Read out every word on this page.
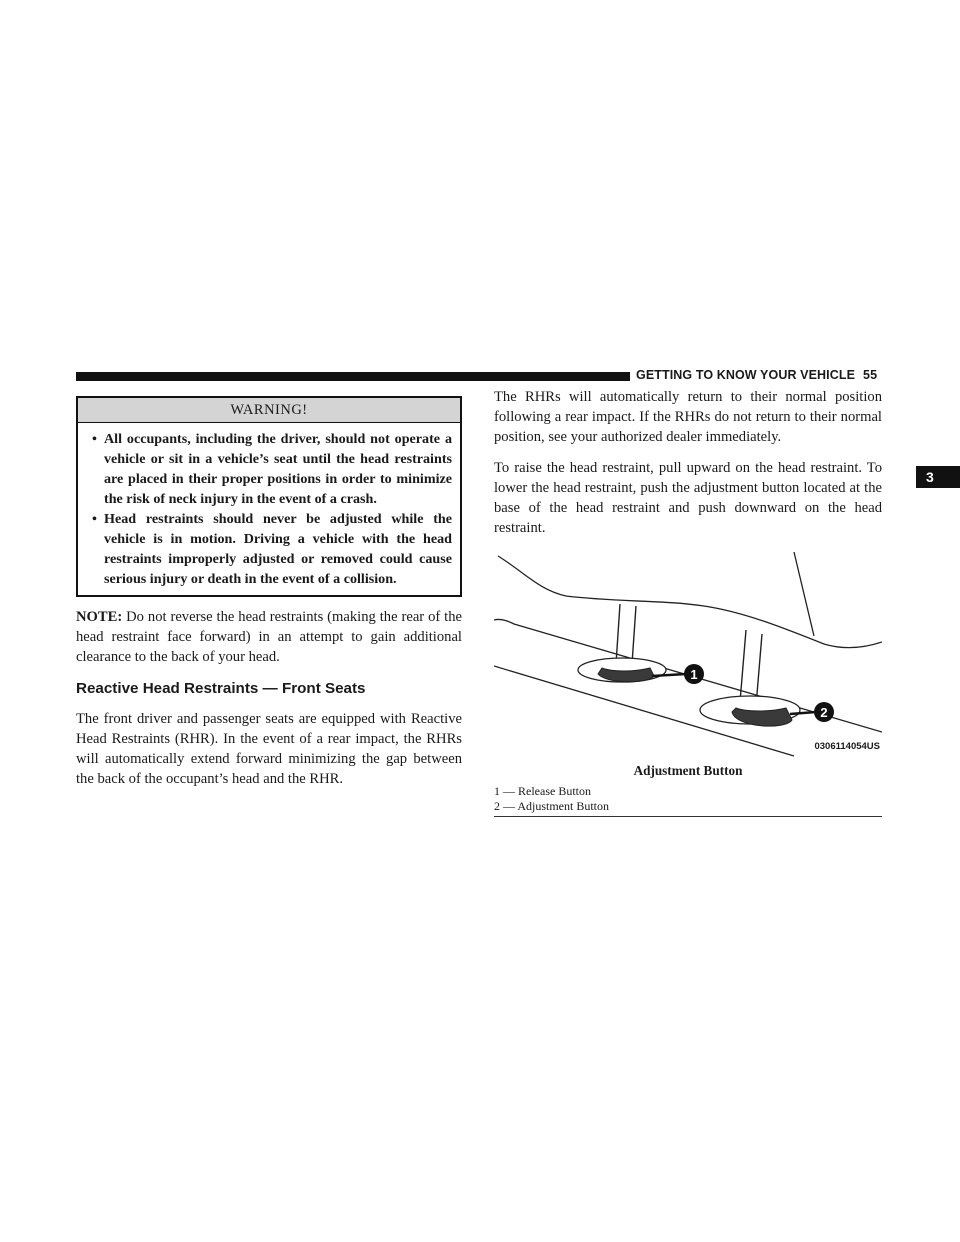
GETTING TO KNOW YOUR VEHICLE 55
3
WARNING!
• All occupants, including the driver, should not operate a vehicle or sit in a vehicle’s seat until the head restraints are placed in their proper positions in order to minimize the risk of neck injury in the event of a crash.
• Head restraints should never be adjusted while the vehicle is in motion. Driving a vehicle with the head restraints improperly adjusted or removed could cause serious injury or death in the event of a collision.

NOTE: Do not reverse the head restraints (making the rear of the head restraint face forward) in an attempt to gain additional clearance to the back of your head.

Reactive Head Restraints — Front Seats

The front driver and passenger seats are equipped with Reactive Head Restraints (RHR). In the event of a rear impact, the RHRs will automatically extend forward minimizing the gap between the back of the occupant’s head and the RHR.

The RHRs will automatically return to their normal position following a rear impact. If the RHRs do not return to their normal position, see your authorized dealer immediately.

To raise the head restraint, pull upward on the head restraint. To lower the head restraint, push the adjustment button located at the base of the head restraint and push downward on the head restraint.

1
2
0306114054US
Adjustment Button
1 — Release Button
2 — Adjustment Button
